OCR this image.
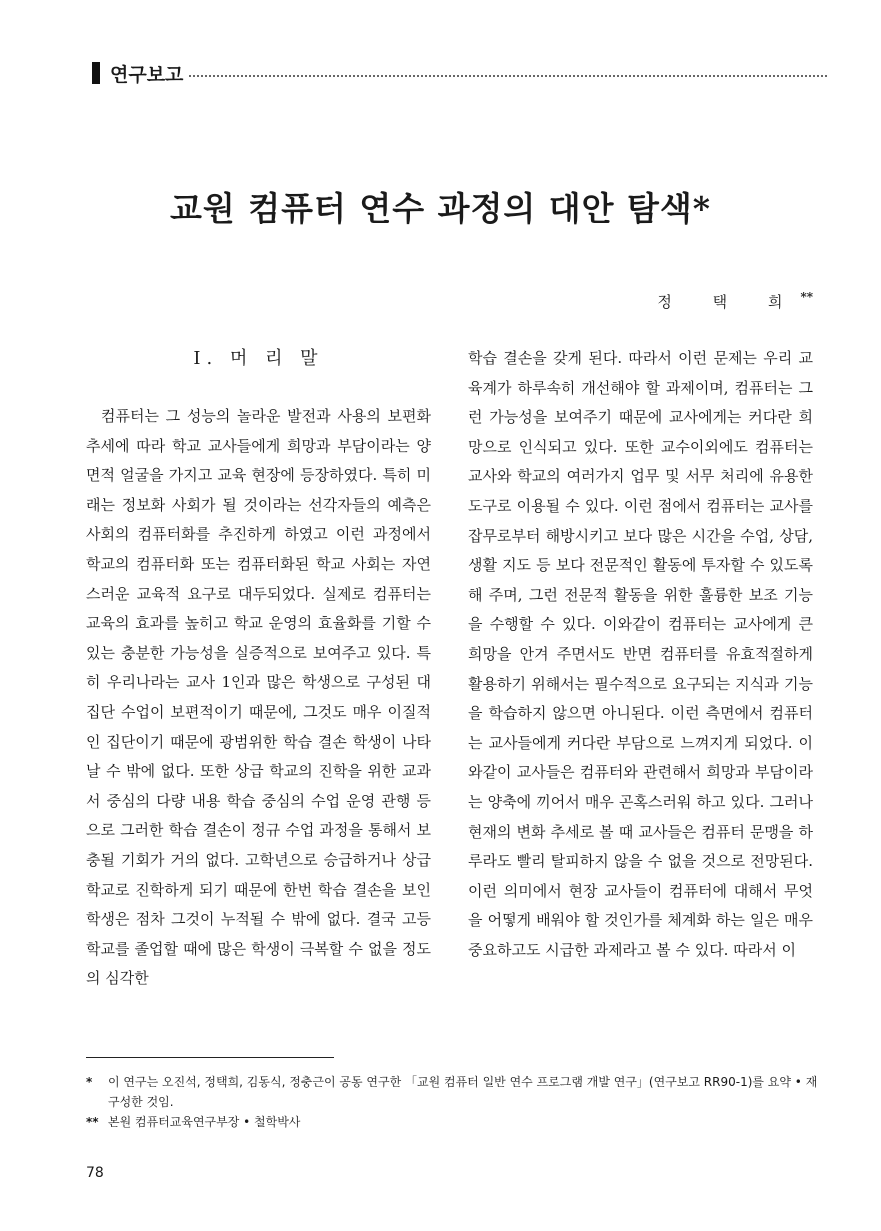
연구보고
교원 컴퓨터 연수 과정의 대안 탐색*
정 택 희**
I. 머 리 말

컴퓨터는 그 성능의 놀라운 발전과 사용의 보편화 추세에 따라 학교 교사들에게 희망과 부담이라는 양면적 얼굴을 가지고 교육 현장에 등장하였다. 특히 미래는 정보화 사회가 될 것이라는 선각자들의 예측은 사회의 컴퓨터화를 추진하게 하였고 이런 과정에서 학교의 컴퓨터화 또는 컴퓨터화된 학교 사회는 자연스러운 교육적 요구로 대두되었다. 실제로 컴퓨터는 교육의 효과를 높히고 학교 운영의 효율화를 기할 수 있는 충분한 가능성을 실증적으로 보여주고 있다. 특히 우리나라는 교사 1인과 많은 학생으로 구성된 대집단 수업이 보편적이기 때문에, 그것도 매우 이질적인 집단이기 때문에 광범위한 학습 결손 학생이 나타날 수 밖에 없다. 또한 상급 학교의 진학을 위한 교과서 중심의 다량 내용 학습 중심의 수업 운영 관행 등으로 그러한 학습 결손이 정규 수업 과정을 통해서 보충될 기회가 거의 없다. 고학년으로 승급하거나 상급 학교로 진학하게 되기 때문에 한번 학습 결손을 보인 학생은 점차 그것이 누적될 수 밖에 없다. 결국 고등학교를 졸업할 때에 많은 학생이 극복할 수 없을 정도의 심각한

학습 결손을 갖게 된다. 따라서 이런 문제는 우리 교육계가 하루속히 개선해야 할 과제이며, 컴퓨터는 그런 가능성을 보여주기 때문에 교사에게는 커다란 희망으로 인식되고 있다. 또한 교수이외에도 컴퓨터는 교사와 학교의 여러가지 업무 및 서무 처리에 유용한 도구로 이용될 수 있다. 이런 점에서 컴퓨터는 교사를 잡무로부터 해방시키고 보다 많은 시간을 수업, 상담, 생활 지도 등 보다 전문적인 활동에 투자할 수 있도록 해 주며, 그런 전문적 활동을 위한 훌륭한 보조 기능을 수행할 수 있다. 이와같이 컴퓨터는 교사에게 큰 희망을 안겨 주면서도 반면 컴퓨터를 유효적절하게 활용하기 위해서는 필수적으로 요구되는 지식과 기능을 학습하지 않으면 아니된다. 이런 측면에서 컴퓨터는 교사들에게 커다란 부담으로 느껴지게 되었다. 이와같이 교사들은 컴퓨터와 관련해서 희망과 부담이라는 양축에 끼어서 매우 곤혹스러워 하고 있다. 그러나 현재의 변화 추세로 볼 때 교사들은 컴퓨터 문맹을 하루라도 빨리 탈피하지 않을 수 없을 것으로 전망된다. 이런 의미에서 현장 교사들이 컴퓨터에 대해서 무엇을 어떻게 배워야 할 것인가를 체계화 하는 일은 매우 중요하고도 시급한 과제라고 볼 수 있다. 따라서 이

*	이 연구는 오진석, 정택희, 김동식, 정충근이 공동 연구한 「교원 컴퓨터 일반 연수 프로그램 개발 연구」(연구보고 RR90-1)를 요약 • 재구성한 것임.
** 본원 컴퓨터교육연구부장 • 철학박사
78
